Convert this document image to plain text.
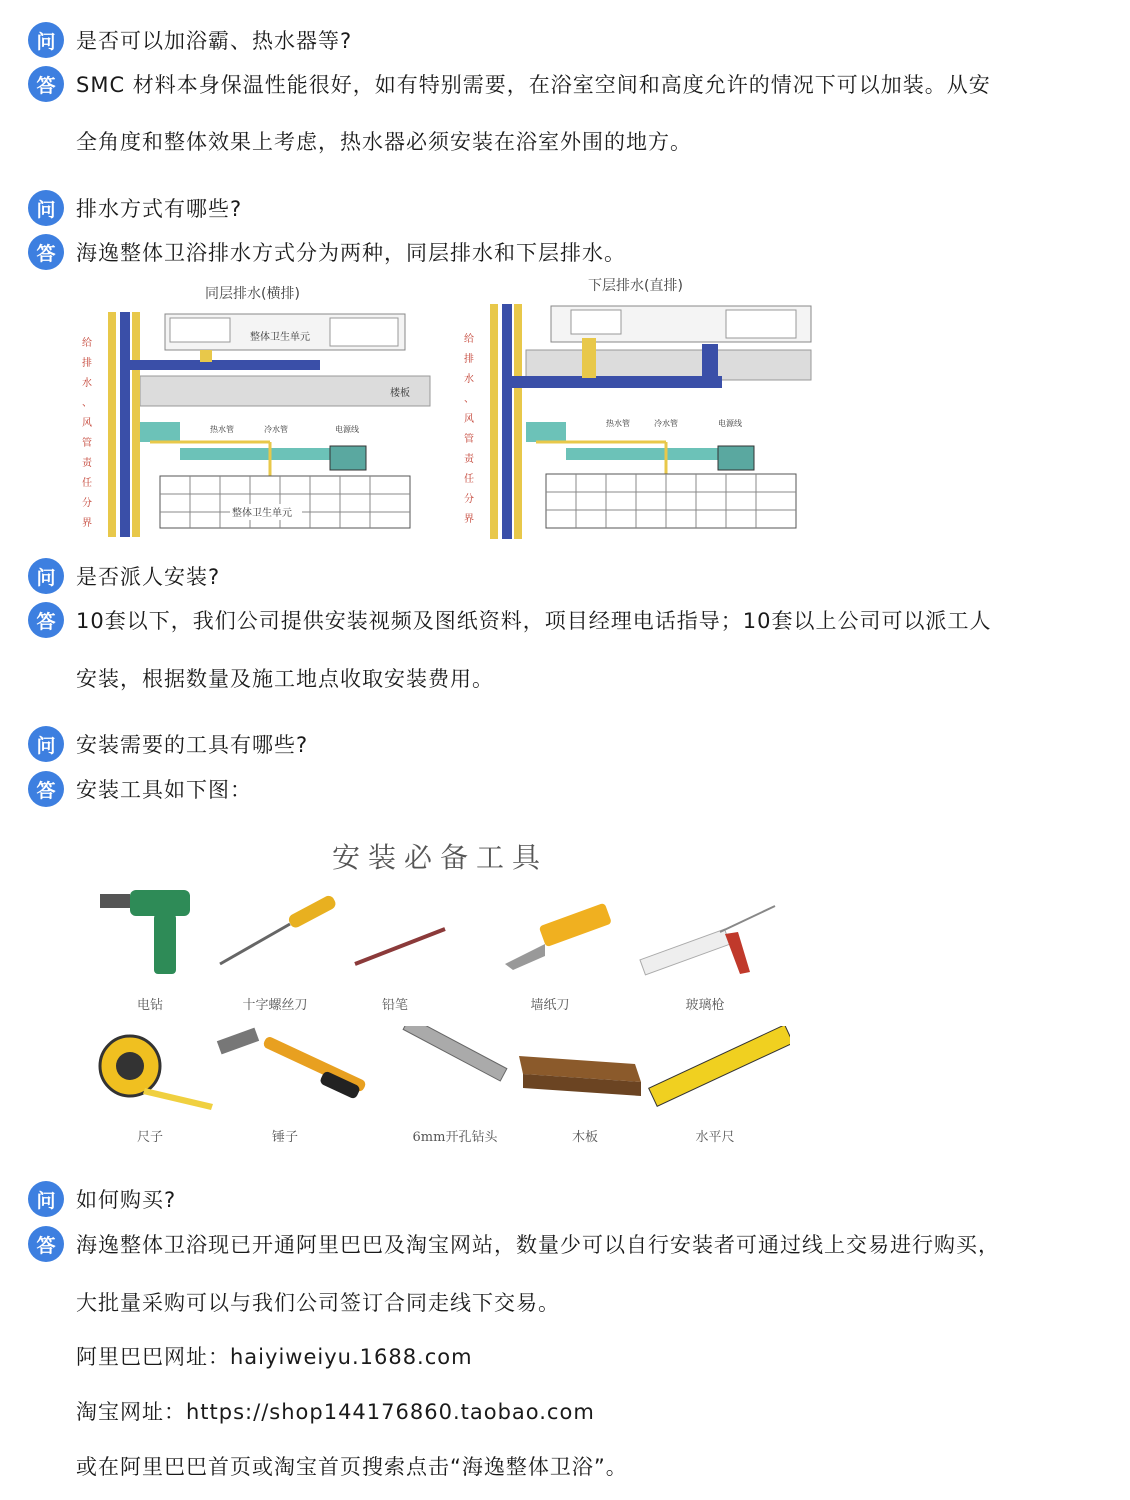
问 是否可以加浴霸、热水器等?
答 SMC 材料本身保温性能很好，如有特别需要，在浴室空间和高度允许的情况下可以加装。从安
全角度和整体效果上考虑，热水器必须安装在浴室外围的地方。
问 排水方式有哪些?
答 海逸整体卫浴排水方式分为两种，同层排水和下层排水。
同层排水(横排)
整体卫生单元
楼板
热水管	冷水管	电源线
整体卫生单元
给
排
水
、
风
管
责
任
分
界
下层排水(直排)
热水管	冷水管	电源线
给
排
水
、
风
管
责
任
分
界
问 是否派人安装?
答 10套以下，我们公司提供安装视频及图纸资料，项目经理电话指导；10套以上公司可以派工人
安装，根据数量及施工地点收取安装费用。
问 安装需要的工具有哪些?
答 安装工具如下图：
安装必备工具
电钻	十字螺丝刀	铅笔	墙纸刀	玻璃枪
尺子	锤子	6mm开孔钻头	木板	水平尺
问 如何购买?
答 海逸整体卫浴现已开通阿里巴巴及淘宝网站，数量少可以自行安装者可通过线上交易进行购买，
大批量采购可以与我们公司签订合同走线下交易。
阿里巴巴网址：haiyiweiyu.1688.com
淘宝网址：https://shop144176860.taobao.com
或在阿里巴巴首页或淘宝首页搜索点击“海逸整体卫浴”。
